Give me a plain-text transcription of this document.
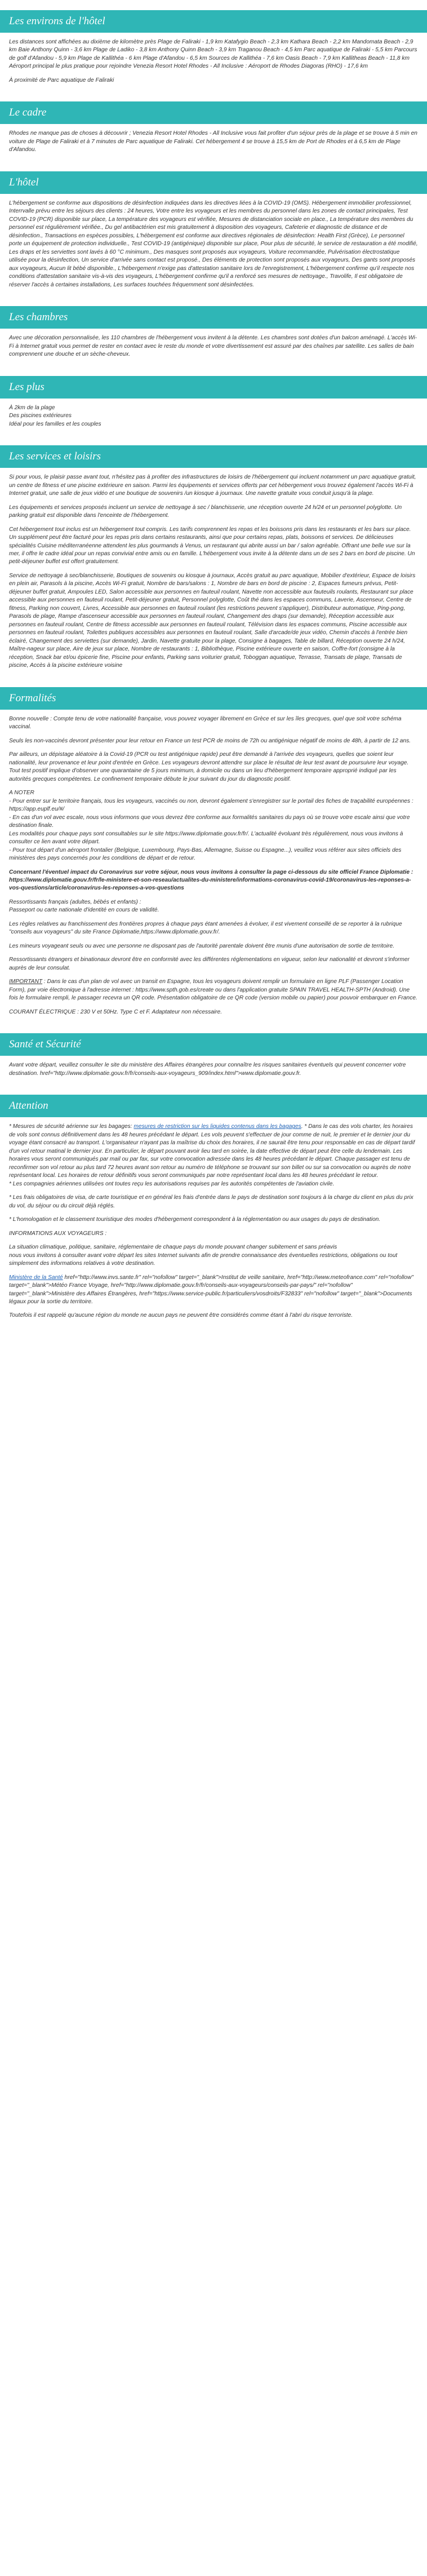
Les environs de l'hôtel

Les distances sont affichées au dixième de kilomètre près Plage de Faliraki - 1,9 km Katafygio Beach - 2,3 km Kathara Beach - 2,2 km Mandomata Beach - 2,9 km Baie Anthony Quinn - 3,6 km Plage de Ladiko - 3,8 km Anthony Quinn Beach - 3,9 km Traganou Beach - 4,5 km Parc aquatique de Faliraki - 5,5 km Parcours de golf d'Afandou - 5,9 km Plage de Kallithéa - 6 km Plage d'Afandou - 6,5 km Sources de Kallithéa - 7,6 km Oasis Beach - 7,9 km Kallitheas Beach - 11,8 km Aéroport principal le plus pratique pour rejoindre Venezia Resort Hotel Rhodes - All Inclusive : Aéroport de Rhodes Diagoras (RHO) - 17,6 km

À proximité de Parc aquatique de Faliraki

Le cadre

Rhodes ne manque pas de choses à découvrir ; Venezia Resort Hotel Rhodes - All Inclusive vous fait profiter d'un séjour près de la plage et se trouve à 5 min en voiture de Plage de Faliraki et à 7 minutes de Parc aquatique de Faliraki. Cet hébergement 4 se trouve à 15,5 km de Port de Rhodes et à 6,5 km de Plage d'Afandou.

L'hôtel

L'hébergement se conforme aux dispositions de désinfection indiquées dans les directives liées à la COVID-19 (OMS). Hébergement immobilier professionnel, Interrvalle prévu entre les séjours des clients : 24 heures, Votre entre les voyageurs et les membres du personnel dans les zones de contact principales, Test COVID-19 (PCR) disponible sur place, La température des voyageurs est vérifiée, Mesures de distanciation sociale en place., La température des membres du personnel est régulièrement vérifiée., Du gel antibactérien est mis gratuitement à disposition des voyageurs, Cafeterie et diagnostic de distance et de désinfection., Transactions en espèces possibles, L'hébergement est conforme aux directives régionales de désinfection: Health First (Grèce), Le personnel porte un équipement de protection individuelle., Test COVID-19 (antigénique) disponible sur place, Pour plus de sécurité, le service de restauration a été modifié, Les draps et les serviettes sont lavés à 60 °C minimum., Des masques sont proposés aux voyageurs, Voiture recommandée, Pulvérisation électrostatique utilisée pour la désinfection, Un service d'arrivée sans contact est proposé., Des éléments de protection sont proposés aux voyageurs, Des gants sont proposés aux voyageurs, Aucun lit bébé disponible., L'hébergement n'exige pas d'attestation sanitaire lors de l'enregistrement, L'hébergement confirme qu'il respecte nos conditions d'attestation sanitaire vis-à-vis des voyageurs, L'hébergement confirme qu'il a renforcé ses mesures de nettoyage., Travolife, Il est obligatoire de réserver l'accès à certaines installations, Les surfaces touchées fréquemment sont désinfectées.

Les chambres

Avec une décoration personnalisée, les 110 chambres de l'hébergement vous invitent à la détente. Les chambres sont dotées d'un balcon aménagé. L'accès Wi-Fi à Internet gratuit vous permet de rester en contact avec le reste du monde et votre divertissement est assuré par des chaînes par satellite. Les salles de bain comprennent une douche et un sèche-cheveux.

Les plus
À 2km de la plage
Des piscines extérieures
Idéal pour les familles et les couples
Les services et loisirs

Si pour vous, le plaisir passe avant tout, n'hésitez pas à profiter des infrastructures de loisirs de l'hébergement qui incluent notamment un parc aquatique gratuit, un centre de fitness et une piscine extérieure en saison. Parmi les équipements et services offerts par cet hébergement vous trouvez également l'accès Wi-Fi à Internet gratuit, une salle de jeux vidéo et une boutique de souvenirs /un kiosque à journaux. Une navette gratuite vous conduit jusqu'à la plage.

Les équipements et services proposés incluent un service de nettoyage à sec / blanchisserie, une réception ouverte 24 h/24 et un personnel polyglotte. Un parking gratuit est disponible dans l'enceinte de l'hébergement.

Cet hébergement tout inclus est un hébergement tout compris. Les tarifs comprennent les repas et les boissons pris dans les restaurants et les bars sur place. Un supplément peut être facturé pour les repas pris dans certains restaurants, ainsi que pour certains repas, plats, boissons et services. De délicieuses spécialités Cuisine méditerranéenne attendent les plus gourmands à Venus, un restaurant qui abrite aussi un bar / salon agréable. Offrant une belle vue sur la mer, il offre le cadre idéal pour un repas convivial entre amis ou en famille. L'hébergement vous invite à la détente dans un de ses 2 bars en bord de piscine. Un petit-déjeuner buffet est offert gratuitement.

Service de nettoyage à sec/blanchisserie, Boutiques de souvenirs ou kiosque à journaux, Accès gratuit au parc aquatique, Mobilier d'extérieur, Espace de loisirs en plein air, Parasols à la piscine, Accès Wi-Fi gratuit, Nombre de bars/salons : 1, Nombre de bars en bord de piscine : 2, Espaces fumeurs prévus, Petit-déjeuner buffet gratuit, Ampoules LED, Salon accessible aux personnes en fauteuil roulant, Navette non accessible aux fauteuils roulants, Restaurant sur place accessible aux personnes en fauteuil roulant, Petit-déjeuner gratuit, Personnel polyglotte, Coût thé dans les espaces communs, Laverie, Ascenseur, Centre de fitness, Parking non couvert, Livres, Accessible aux personnes en fauteuil roulant (les restrictions peuvent s'appliquer), Distributeur automatique, Ping-pong, Parasols de plage, Rampe d'ascenseur accessible aux personnes en fauteuil roulant, Changement des draps (sur demande), Réception accessible aux personnes en fauteuil roulant, Centre de fitness accessible aux personnes en fauteuil roulant, Télévision dans les espaces communs, Piscine accessible aux personnes en fauteuil roulant, Toilettes publiques accessibles aux personnes en fauteuil roulant, Salle d'arcade/de jeux vidéo, Chemin d'accès à l'entrée bien éclairé, Changement des serviettes (sur demande), Jardin, Navette gratuite pour la plage, Consigne à bagages, Table de billard, Réception ouverte 24 h/24, Maître-nageur sur place, Aire de jeux sur place, Nombre de restaurants : 1, Bibliothèque, Piscine extérieure ouverte en saison, Coffre-fort (consigne à la réception, Snack bar et/ou épicerie fine, Piscine pour enfants, Parking sans voiturier gratuit, Toboggan aquatique, Terrasse, Transats de plage, Transats de piscine, Accès à la piscine extérieure voisine

Formalités

Bonne nouvelle : Compte tenu de votre nationalité française, vous pouvez voyager librement en Grèce et sur les îles grecques, quel que soit votre schéma vaccinal.

Seuls les non-vaccinés devront présenter pour leur retour en France un test PCR de moins de 72h ou antigénique négatif de moins de 48h, à partir de 12 ans.

Par ailleurs, un dépistage aléatoire à la Covid-19 (PCR ou test antigénique rapide) peut être demandé à l'arrivée des voyageurs, quelles que soient leur nationalité, leur provenance et leur point d'entrée en Grèce. Les voyageurs devront attendre sur place le résultat de leur test avant de poursuivre leur voyage. Tout test positif implique d'observer une quarantaine de 5 jours minimum, à domicile ou dans un lieu d'hébergement temporaire approprié indiqué par les autorités grecques compétentes. Le confinement temporaire débute le jour suivant du jour du diagnostic positif.

A NOTER
- Pour entrer sur le territoire français, tous les voyageurs, vaccinés ou non, devront également s'enregistrer sur le portail des fiches de traçabilité européennes : https://app.euplf.eu/#/
- En cas d'un vol avec escale, nous vous informons que vous devrez être conforme aux formalités sanitaires du pays où se trouve votre escale ainsi que votre destination finale.
Les modalités pour chaque pays sont consultables sur le site https://www.diplomatie.gouv.fr/fr/. L'actualité évoluant très régulièrement, nous vous invitons à consulter ce lien avant votre départ.
- Pour tout départ d'un aéroport frontalier (Belgique, Luxembourg, Pays-Bas, Allemagne, Suisse ou Espagne...), veuillez vous référer aux sites officiels des ministères des pays concernés pour les conditions de départ et de retour.

Concernant l'éventuel impact du Coronavirus sur votre séjour, nous vous invitons à consulter la page ci-dessous du site officiel France Diplomatie : https://www.diplomatie.gouv.fr/fr/le-ministere-et-son-reseau/actualites-du-ministere/informations-coronavirus-covid-19/coronavirus-les-reponses-a-vos-questions/article/coronavirus-les-reponses-a-vos-questions

Ressortissants français (adultes, bébés et enfants) :
Passeport ou carte nationale d'identité en cours de validité.

Les règles relatives au franchissement des frontières propres à chaque pays étant amenées à évoluer, il est vivement conseillé de se reporter à la rubrique "conseils aux voyageurs" du site France Diplomatie,https://www.diplomatie.gouv.fr/.

Les mineurs voyageant seuls ou avec une personne ne disposant pas de l'autorité parentale doivent être munis d'une autorisation de sortie de territoire.

Ressortissants étrangers et binationaux devront être en conformité avec les différentes réglementations en vigueur, selon leur nationalité et devront s'informer auprès de leur consulat.

IMPORTANT : Dans le cas d'un plan de vol avec un transit en Espagne, tous les voyageurs doivent remplir un formulaire en ligne PLF (Passenger Location Form), par voie électronique à l'adresse internet : https://www.spth.gob.es/create ou dans l'application gratuite SPAIN TRAVEL HEALTH-SPTH (Android). Une fois le formulaire rempli, le passager recevra un QR code. Présentation obligatoire de ce QR code (version mobile ou papier) pour pouvoir embarquer en France.

COURANT ÉLECTRIQUE : 230 V et 50Hz. Type C et F. Adaptateur non nécessaire.

Santé et Sécurité

Avant votre départ, veuillez consulter le site du ministère des Affaires étrangères pour connaître les risques sanitaires éventuels qui peuvent concerner votre destination. href="http://www.diplomatie.gouv.fr/fr/conseils-aux-voyageurs_909/index.html">www.diplomatie.gouv.fr.

Attention

* Mesures de sécurité aérienne sur les bagages: mesures de restriction sur les liquides contenus dans les bagages. * Dans le cas des vols charter, les horaires de vols sont connus définitivement dans les 48 heures précédant le départ. Les vols peuvent s'effectuer de jour comme de nuit, le premier et le dernier jour du voyage étant consacré au transport. L'organisateur n'ayant pas la maîtrise du choix des horaires, il ne saurait être tenu pour responsable en cas de départ tardif d'un vol retour matinal le dernier jour. En particulier, le départ pouvant avoir lieu tard en soirée, la date effective de départ peut être celle du lendemain. Les horaires vous seront communiqués par mail ou par fax, sur votre convocation adressée dans les 48 heures précédant le départ. Chaque passager est tenu de reconfirmer son vol retour au plus tard 72 heures avant son retour au numéro de téléphone se trouvant sur son billet ou sur sa convocation ou auprès de notre représentant local. Les horaires de retour définitifs vous seront communiqués par notre représentant local dans les 48 heures précédant le retour.
* Les compagnies aériennes utilisées ont toutes reçu les autorisations requises par les autorités compétentes de l'aviation civile.

* Les frais obligatoires de visa, de carte touristique et en général les frais d'entrée dans le pays de destination sont toujours à la charge du client en plus du prix du vol, du séjour ou du circuit déjà réglés.

* L'homologation et le classement touristique des modes d'hébergement correspondent à la réglementation ou aux usages du pays de destination.

INFORMATIONS AUX VOYAGEURS :

La situation climatique, politique, sanitaire, réglementaire de chaque pays du monde pouvant changer subitement et sans préavis
nous vous invitons à consulter avant votre départ les sites Internet suivants afin de prendre connaissance des éventuelles restrictions, obligations ou tout simplement des informations relatives à votre destination.

Ministère de la Santé href="http://www.invs.sante.fr" rel="nofollow" target="_blank">Institut de veille sanitaire, href="http://www.meteofrance.com" rel="nofollow" target="_blank">Météo France Voyage, href="http://www.diplomatie.gouv.fr/fr/conseils-aux-voyageurs/conseils-par-pays/" rel="nofollow" target="_blank">Ministère des Affaires Étrangères, href="https://www.service-public.fr/particuliers/vosdroits/F32833" rel="nofollow" target="_blank">Documents légaux pour la sortie du territoire.

Toutefois il est rappelé qu'aucune région du monde ne aucun pays ne peuvent être considérés comme étant à l'abri du risque terroriste.
